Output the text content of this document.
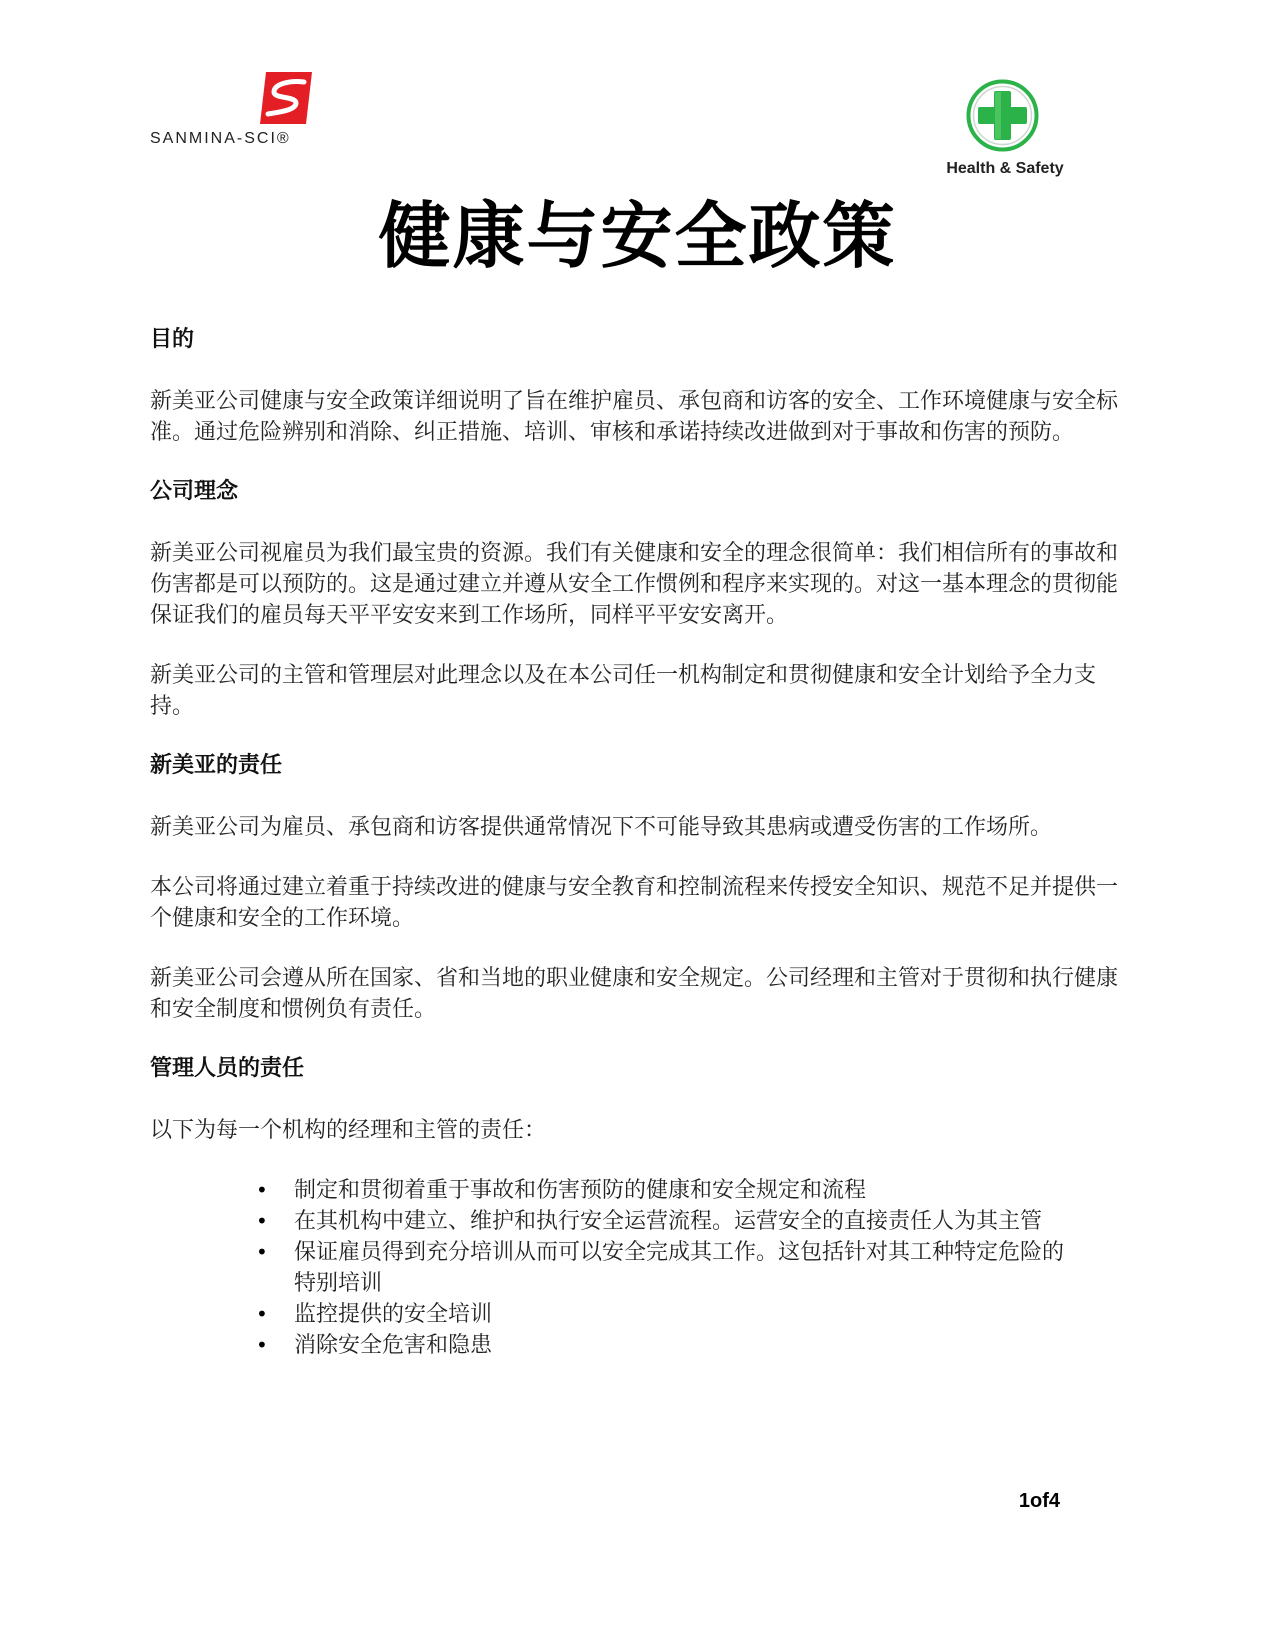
SANMINA-SCI®
Health & Safety
健康与安全政策
目的

新美亚公司健康与安全政策详细说明了旨在维护雇员、承包商和访客的安全、工作环境健康与安全标准。通过危险辨别和消除、纠正措施、培训、审核和承诺持续改进做到对于事故和伤害的预防。

公司理念

新美亚公司视雇员为我们最宝贵的资源。我们有关健康和安全的理念很简单：我们相信所有的事故和伤害都是可以预防的。这是通过建立并遵从安全工作惯例和程序来实现的。对这一基本理念的贯彻能保证我们的雇员每天平平安安来到工作场所，同样平平安安离开。

新美亚公司的主管和管理层对此理念以及在本公司任一机构制定和贯彻健康和安全计划给予全力支持。

新美亚的责任

新美亚公司为雇员、承包商和访客提供通常情况下不可能导致其患病或遭受伤害的工作场所。

本公司将通过建立着重于持续改进的健康与安全教育和控制流程来传授安全知识、规范不足并提供一个健康和安全的工作环境。

新美亚公司会遵从所在国家、省和当地的职业健康和安全规定。公司经理和主管对于贯彻和执行健康和安全制度和惯例负有责任。

管理人员的责任

以下为每一个机构的经理和主管的责任：

• 制定和贯彻着重于事故和伤害预防的健康和安全规定和流程
• 在其机构中建立、维护和执行安全运营流程。运营安全的直接责任人为其主管
• 保证雇员得到充分培训从而可以安全完成其工作。这包括针对其工种特定危险的特别培训
• 监控提供的安全培训
• 消除安全危害和隐患
1of4
